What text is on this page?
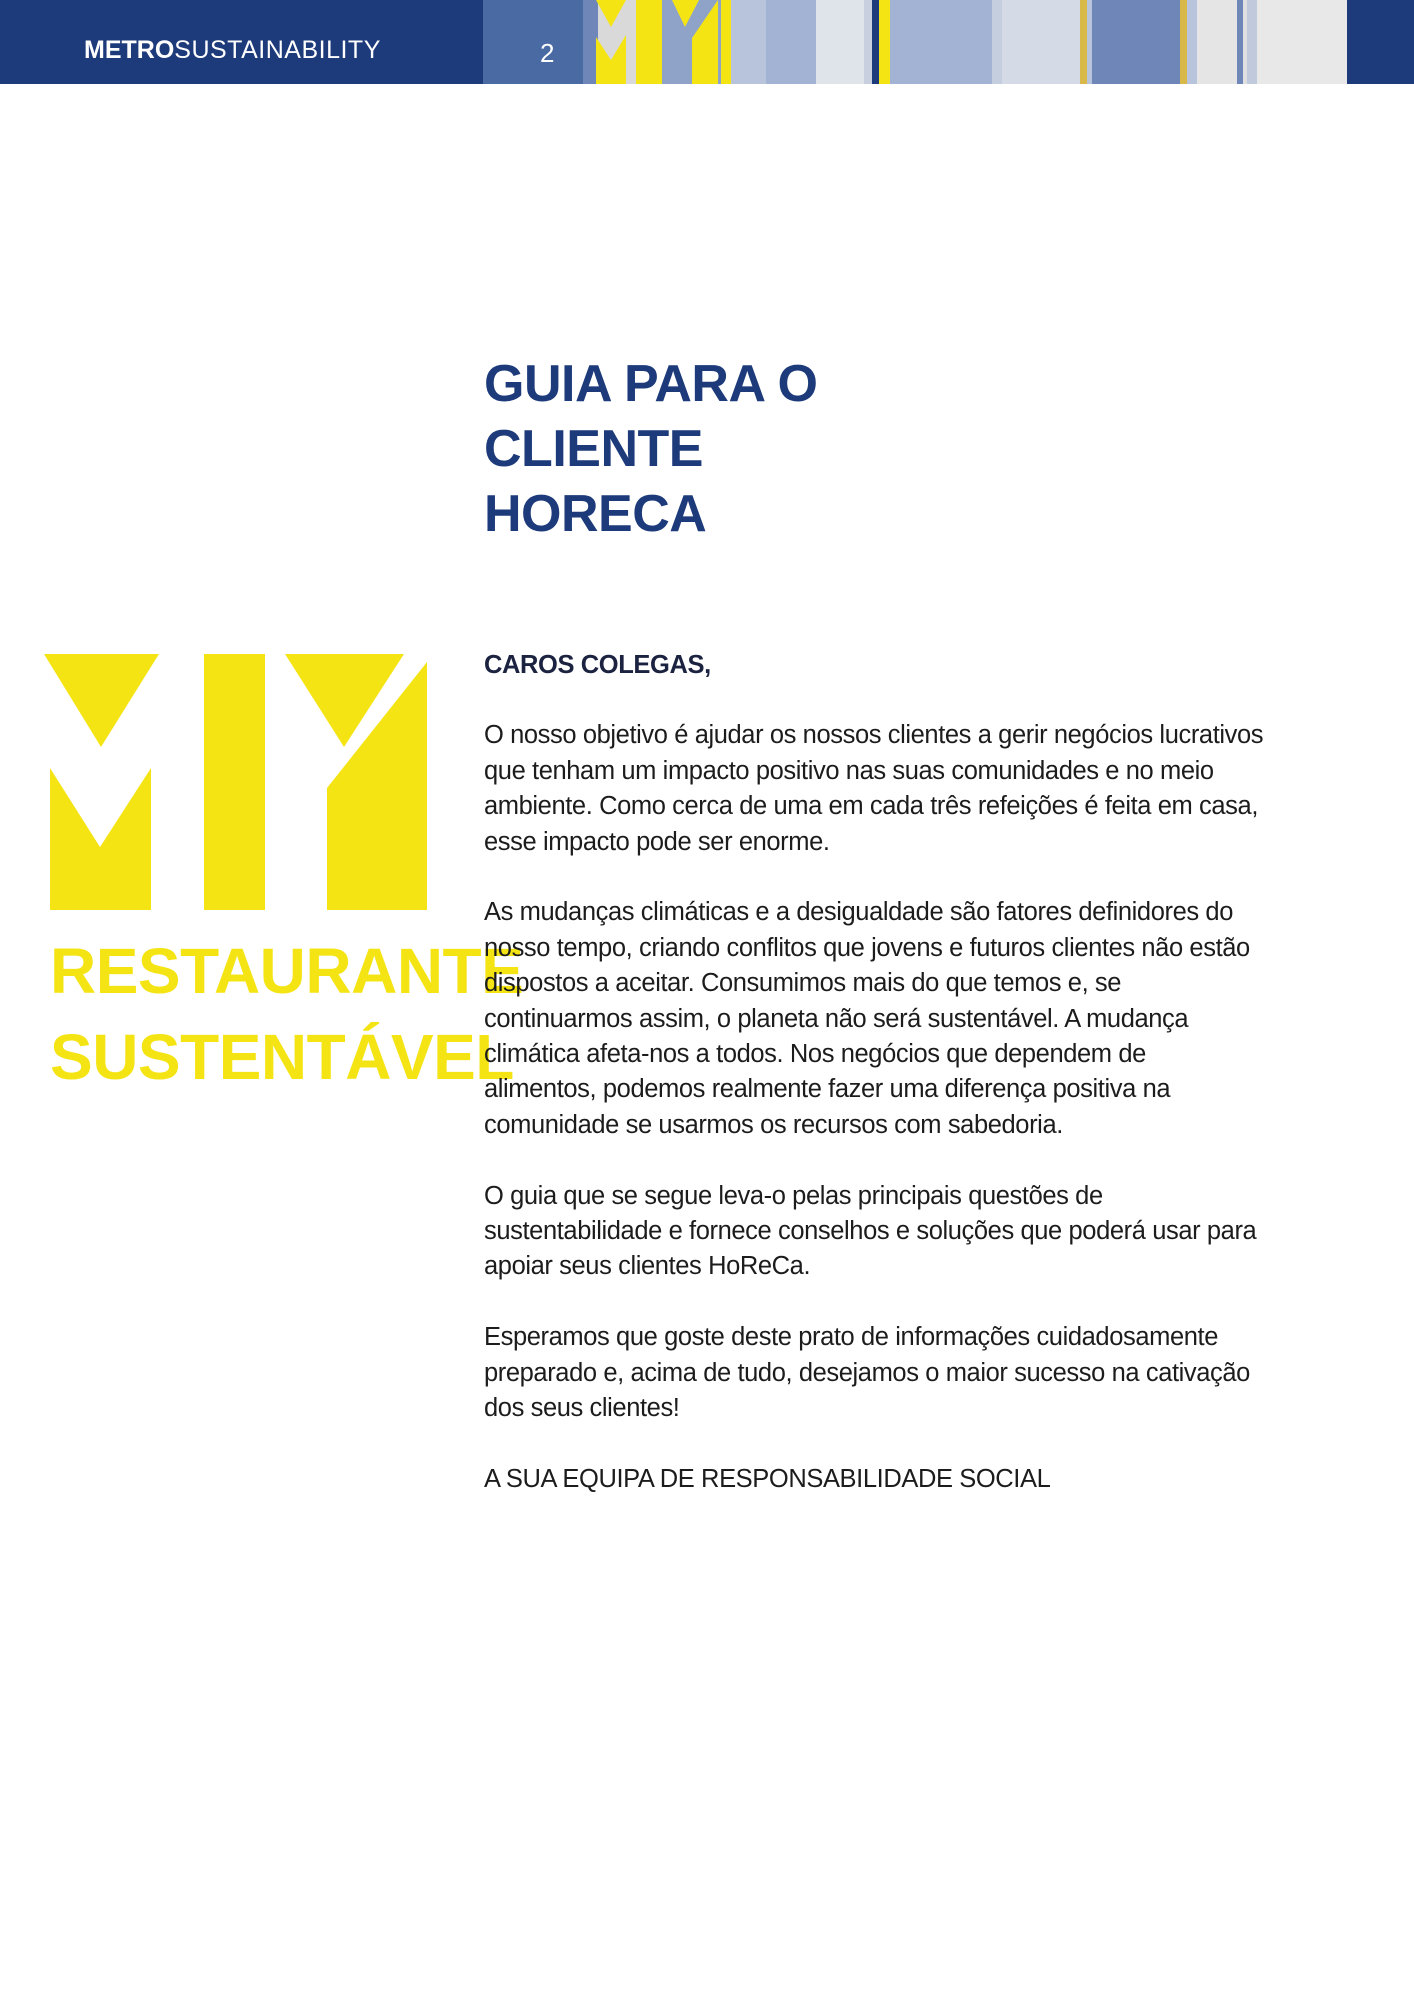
METROSUSTAINABILITY	2
GUIA PARA O CLIENTE
HORECA
RESTAURANTE
SUSTENTÁVEL
CAROS COLEGAS,

O nosso objetivo é ajudar os nossos clientes a gerir negócios lucrativos que tenham um impacto positivo nas suas comunidades e no meio ambiente. Como cerca de uma em cada três refeições é feita em casa, esse impacto pode ser enorme.

As mudanças climáticas e a desigualdade são fatores definidores do nosso tempo, criando conflitos que jovens e futuros clientes não estão dispostos a aceitar. Consumimos mais do que temos e, se continuarmos assim, o planeta não será sustentável. A mudança climática afeta-nos a todos. Nos negócios que dependem de alimentos, podemos realmente fazer uma diferença positiva na comunidade se usarmos os recursos com sabedoria.

O guia que se segue leva-o pelas principais questões de sustentabilidade e fornece conselhos e soluções que poderá usar para apoiar seus clientes HoReCa.

Esperamos que goste deste prato de informações cuidadosamente preparado e, acima de tudo, desejamos o maior sucesso na cativação dos seus clientes!

A SUA EQUIPA DE RESPONSABILIDADE SOCIAL
